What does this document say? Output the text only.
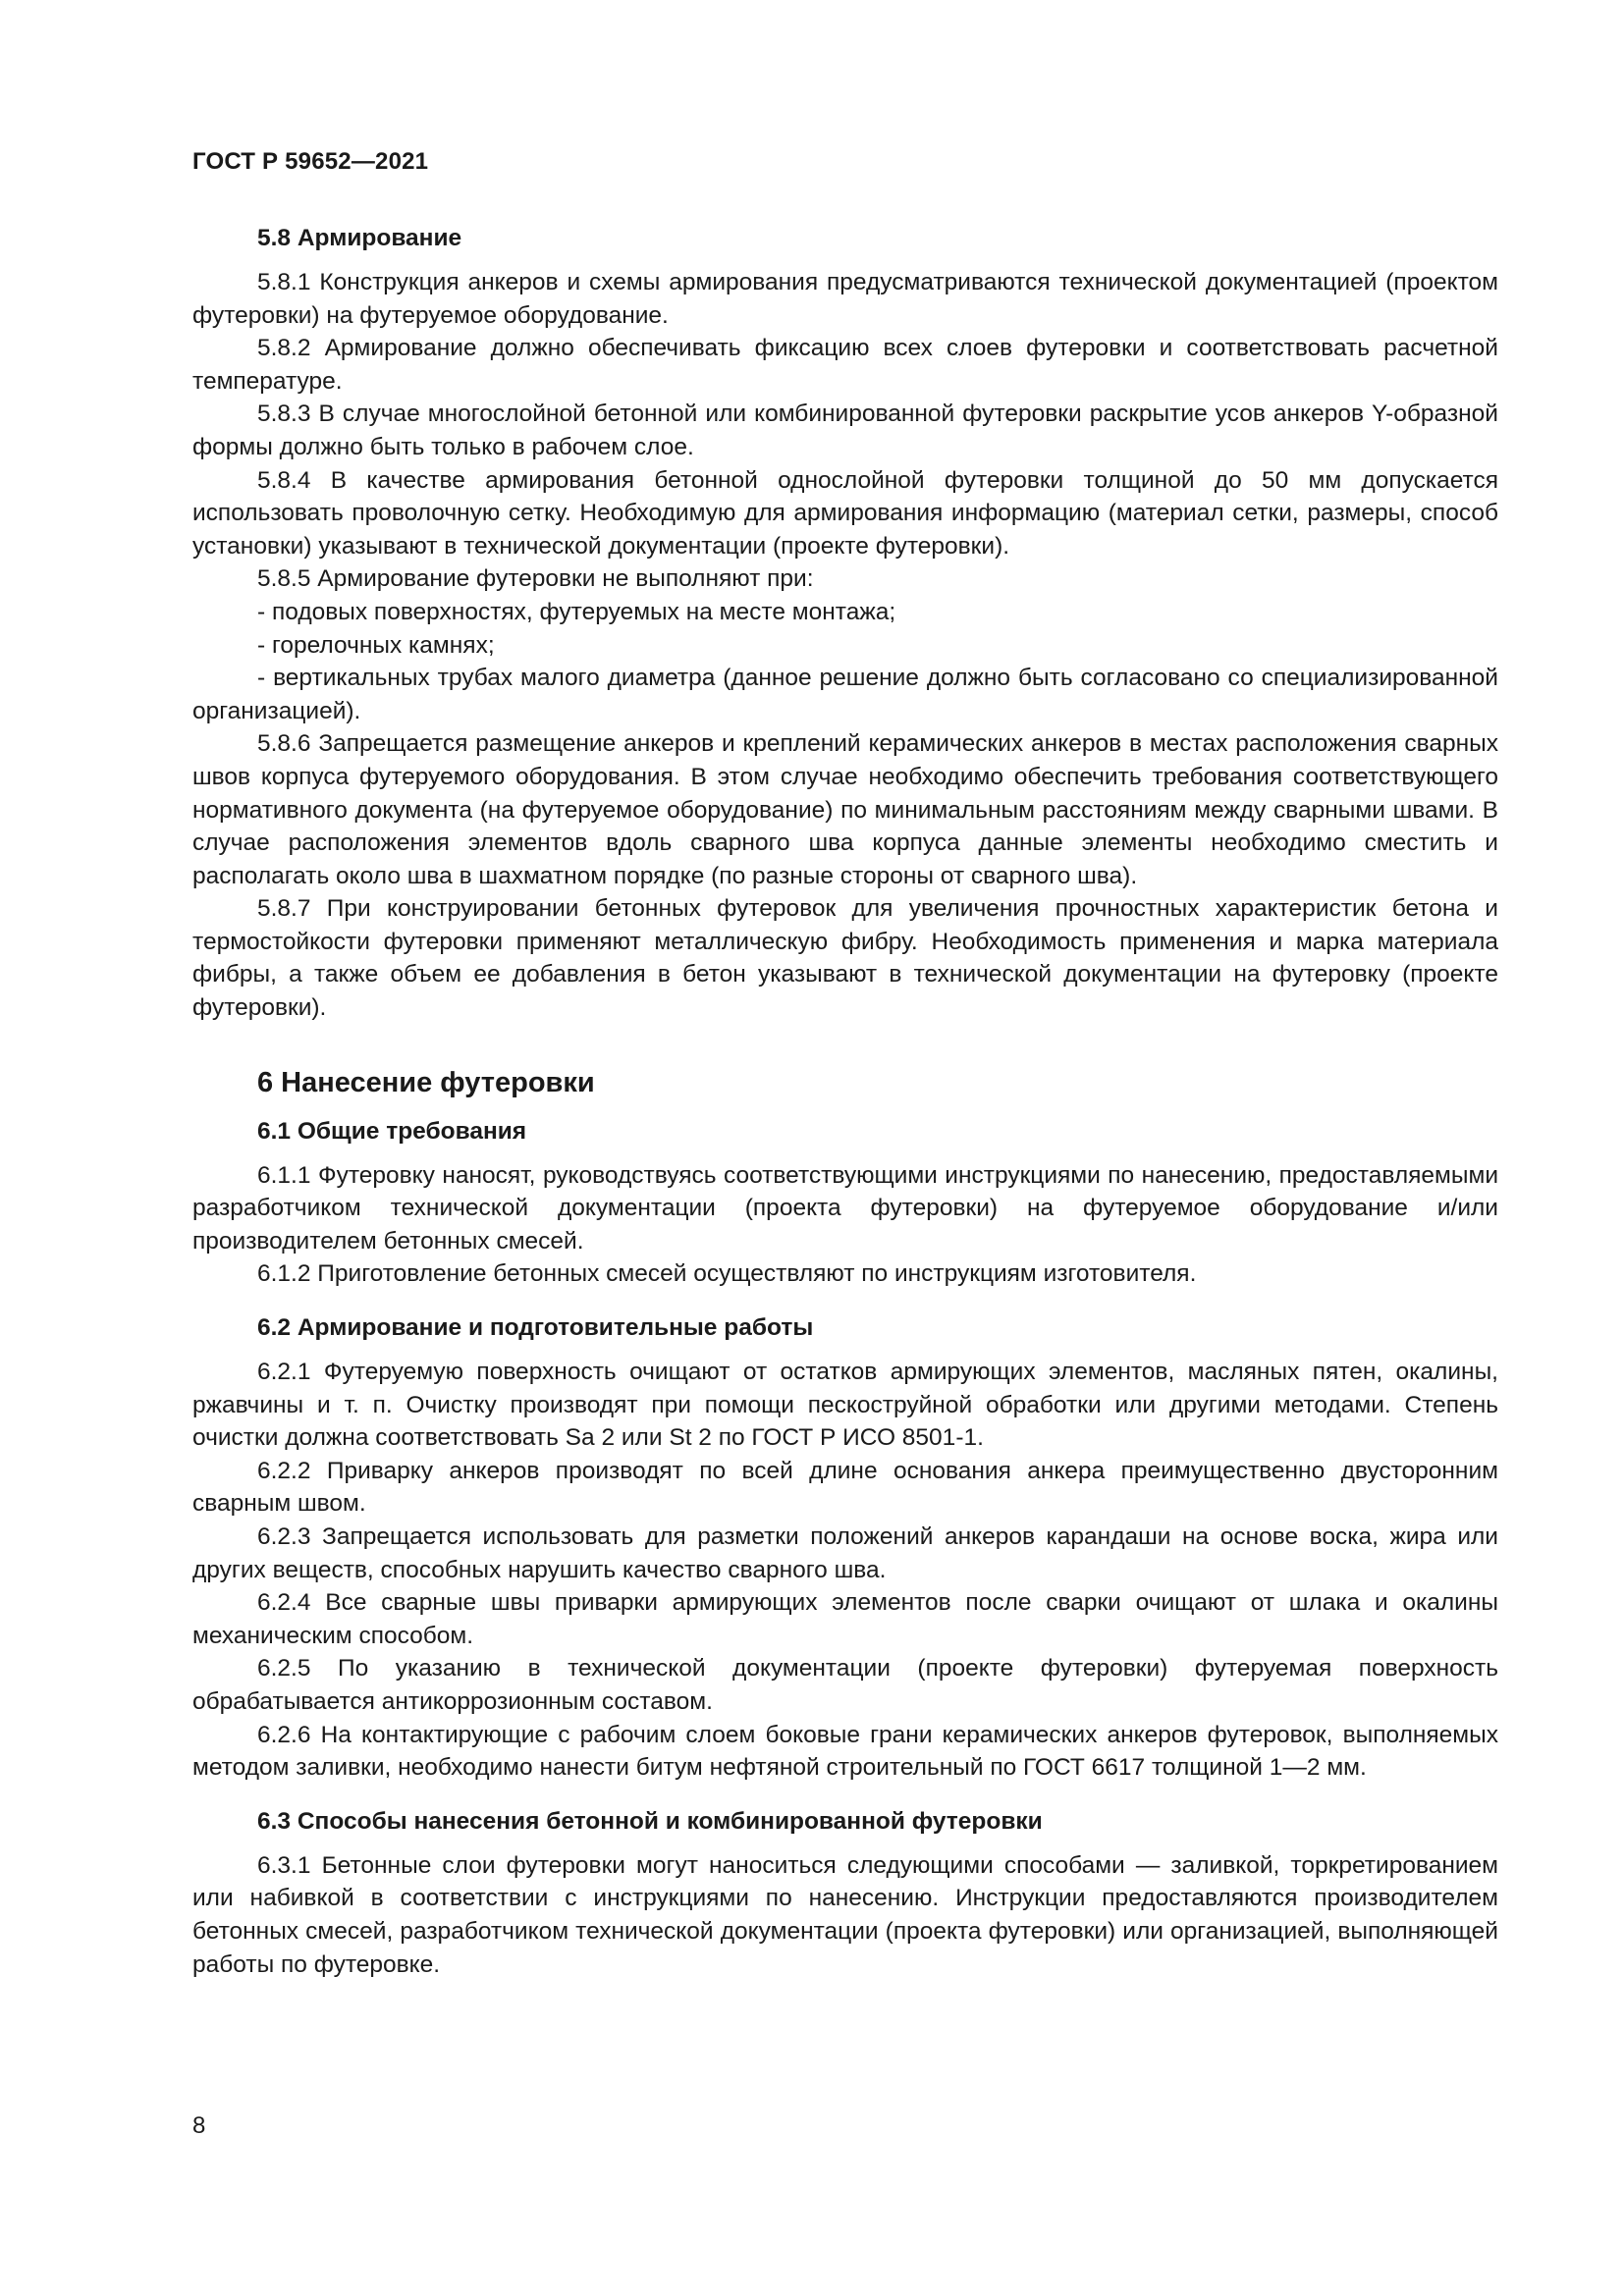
ГОСТ Р 59652—2021
5.8 Армирование

5.8.1 Конструкция анкеров и схемы армирования предусматриваются технической документацией (проектом футеровки) на футеруемое оборудование.

5.8.2 Армирование должно обеспечивать фиксацию всех слоев футеровки и соответствовать расчетной температуре.

5.8.3 В случае многослойной бетонной или комбинированной футеровки раскрытие усов анкеров Y-образной формы должно быть только в рабочем слое.

5.8.4 В качестве армирования бетонной однослойной футеровки толщиной до 50 мм допускается использовать проволочную сетку. Необходимую для армирования информацию (материал сетки, размеры, способ установки) указывают в технической документации (проекте футеровки).

5.8.5 Армирование футеровки не выполняют при:

- подовых поверхностях, футеруемых на месте монтажа;

- горелочных камнях;

- вертикальных трубах малого диаметра (данное решение должно быть согласовано со специализированной организацией).

5.8.6 Запрещается размещение анкеров и креплений керамических анкеров в местах расположения сварных швов корпуса футеруемого оборудования. В этом случае необходимо обеспечить требования соответствующего нормативного документа (на футеруемое оборудование) по минимальным расстояниям между сварными швами. В случае расположения элементов вдоль сварного шва корпуса данные элементы необходимо сместить и располагать около шва в шахматном порядке (по разные стороны от сварного шва).

5.8.7 При конструировании бетонных футеровок для увеличения прочностных характеристик бетона и термостойкости футеровки применяют металлическую фибру. Необходимость применения и марка материала фибры, а также объем ее добавления в бетон указывают в технической документации на футеровку (проекте футеровки).

6 Нанесение футеровки
6.1 Общие требования

6.1.1 Футеровку наносят, руководствуясь соответствующими инструкциями по нанесению, предоставляемыми разработчиком технической документации (проекта футеровки) на футеруемое оборудование и/или производителем бетонных смесей.

6.1.2 Приготовление бетонных смесей осуществляют по инструкциям изготовителя.

6.2 Армирование и подготовительные работы

6.2.1 Футеруемую поверхность очищают от остатков армирующих элементов, масляных пятен, окалины, ржавчины и т. п. Очистку производят при помощи пескоструйной обработки или другими методами. Степень очистки должна соответствовать Sa 2 или St 2 по ГОСТ Р ИСО 8501-1.

6.2.2 Приварку анкеров производят по всей длине основания анкера преимущественно двусторонним сварным швом.

6.2.3 Запрещается использовать для разметки положений анкеров карандаши на основе воска, жира или других веществ, способных нарушить качество сварного шва.

6.2.4 Все сварные швы приварки армирующих элементов после сварки очищают от шлака и окалины механическим способом.

6.2.5 По указанию в технической документации (проекте футеровки) футеруемая поверхность обрабатывается антикоррозионным составом.

6.2.6 На контактирующие с рабочим слоем боковые грани керамических анкеров футеровок, выполняемых методом заливки, необходимо нанести битум нефтяной строительный по ГОСТ 6617 толщиной 1—2 мм.

6.3 Способы нанесения бетонной и комбинированной футеровки

6.3.1 Бетонные слои футеровки могут наноситься следующими способами — заливкой, торкретированием или набивкой в соответствии с инструкциями по нанесению. Инструкции предоставляются производителем бетонных смесей, разработчиком технической документации (проекта футеровки) или организацией, выполняющей работы по футеровке.

8
